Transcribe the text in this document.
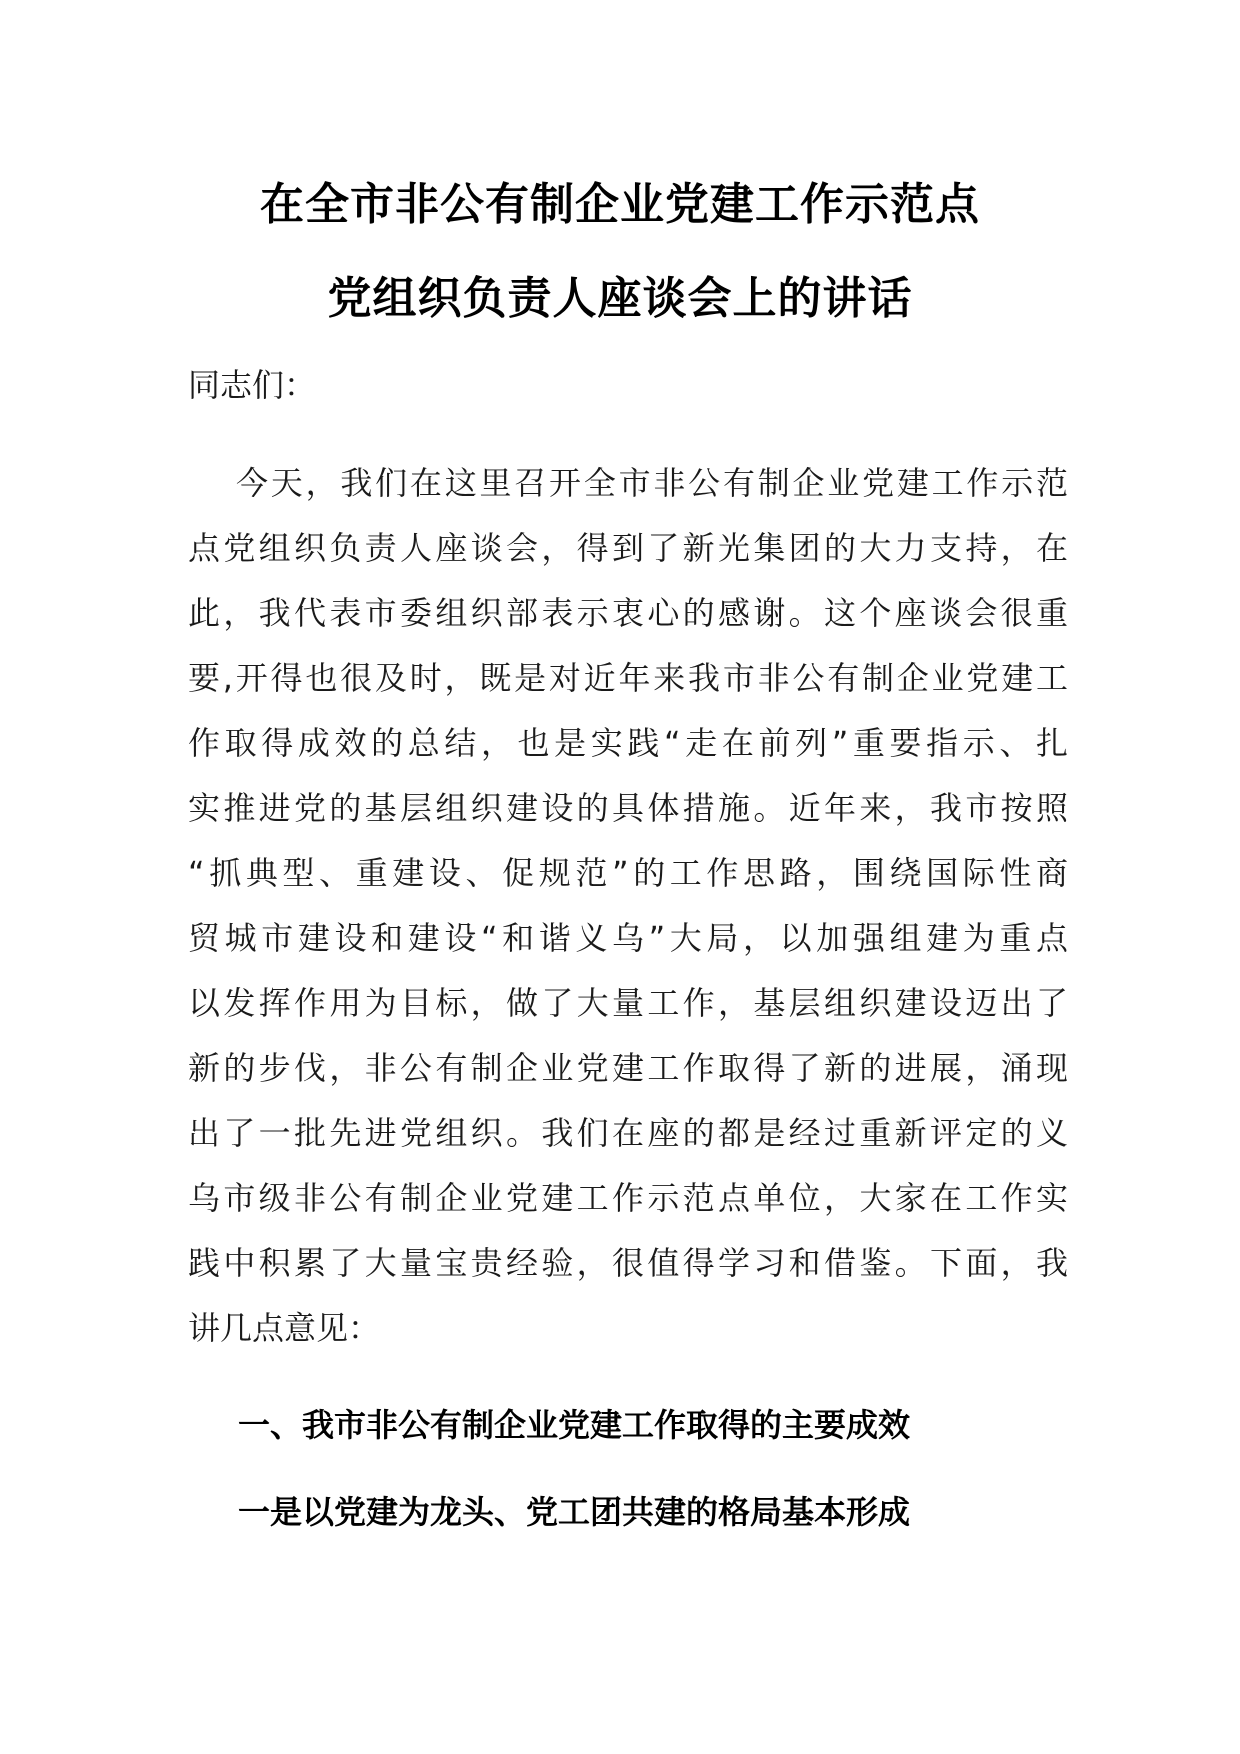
在全市非公有制企业党建工作示范点
党组织负责人座谈会上的讲话
同志们：
今天，我们在这里召开全市非公有制企业党建工作示范
点党组织负责人座谈会，得到了新光集团的大力支持，在
此，我代表市委组织部表示衷心的感谢。这个座谈会很重
要,开得也很及时，既是对近年来我市非公有制企业党建工
作取得成效的总结，也是实践“走在前列”重要指示、扎
实推进党的基层组织建设的具体措施。近年来，我市按照
“抓典型、重建设、促规范”的工作思路，围绕国际性商
贸城市建设和建设“和谐义乌”大局，以加强组建为重点
以发挥作用为目标，做了大量工作，基层组织建设迈出了
新的步伐，非公有制企业党建工作取得了新的进展，涌现
出了一批先进党组织。我们在座的都是经过重新评定的义
乌市级非公有制企业党建工作示范点单位，大家在工作实
践中积累了大量宝贵经验，很值得学习和借鉴。下面，我
讲几点意见：
一、我市非公有制企业党建工作取得的主要成效
一是以党建为龙头、党工团共建的格局基本形成
